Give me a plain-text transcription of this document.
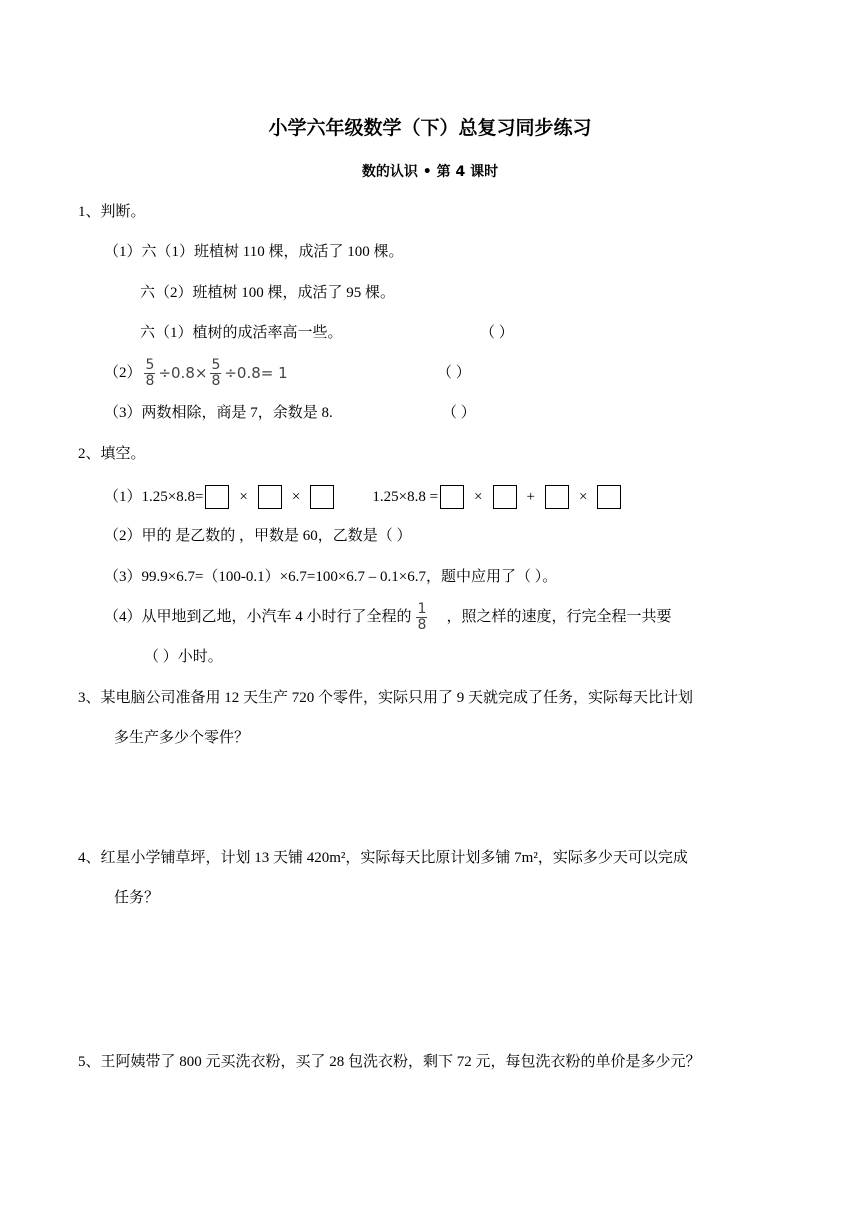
小学六年级数学（下）总复习同步练习
数的认识 • 第 4 课时
1、判断。
（1）六（1）班植树 110 棵，成活了 100 棵。
六（2）班植树 100 棵，成活了 95 棵。
六（1）植树的成活率高一些。	（ ）
$(2) \frac{5}{8} \div 0.8\times \frac{5}{8} \div 0.8= 1$	（ ）
（3）两数相除，商是 7，余数是 8.	（ ）
2、填空。
（1）1.25×8.8= ×	×	1.25×8.8 = ×	+	×
（2）甲的 是乙数的 ，甲数是 60，乙数是（ ）
（3）99.9×6.7=（100-0.1）×6.7=100×6.7 – 0.1×6.7，题中应用了（ ）。
（4）从甲地到乙地，小汽车 4 小时行了全程的 $\frac{1}{8}$ ，照之样的速度，行完全程一共要
（ ）小时。
3、某电脑公司准备用 12 天生产 720 个零件，实际只用了 9 天就完成了任务，实际每天比计划
多生产多少个零件？
4、红星小学铺草坪，计划 13 天铺 420m²，实际每天比原计划多铺 7m²，实际多少天可以完成
任务？
5、王阿姨带了 800 元买洗衣粉，买了 28 包洗衣粉，剩下 72 元，每包洗衣粉的单价是多少元？
